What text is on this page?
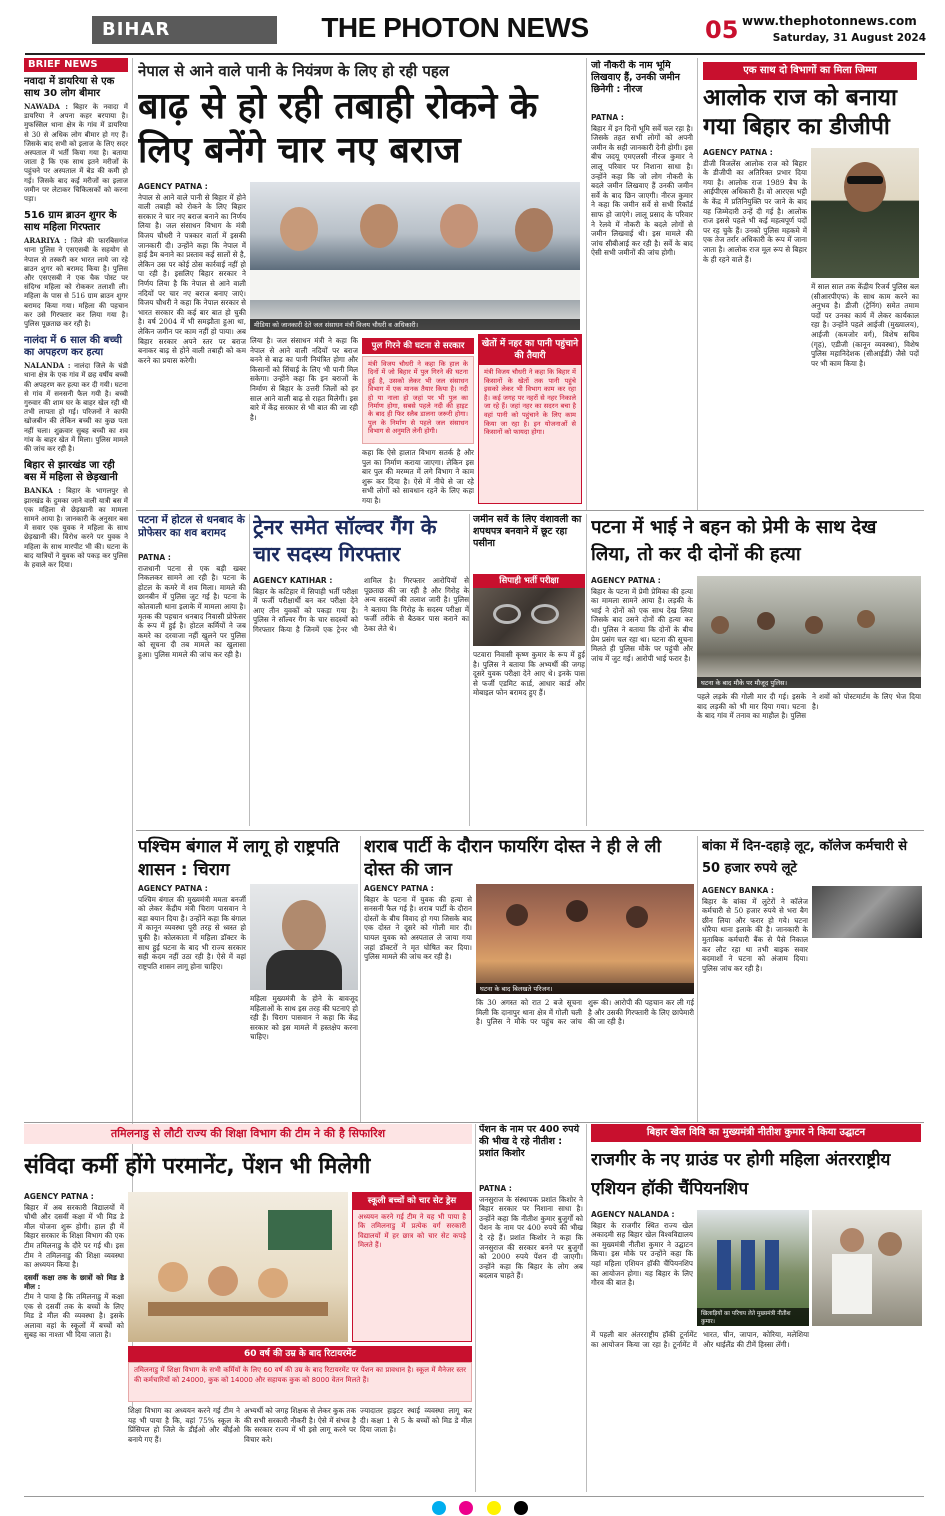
BIHAR	THE PHOTON NEWS	05 www.thephotonnews.com
Saturday, 31 August 2024
BRIEF NEWS
नवादा में डायरिया से एक साथ 30 लोग बीमार
NAWADA : बिहार के नवादा में डायरिया ने अपना कहर बरपाया है। मुफस्सिल थाना क्षेत्र के गांव में डायरिया से 30 से अधिक लोग बीमार हो गए हैं। जिसके बाद सभी को इलाज के लिए सदर अस्पताल में भर्ती किया गया है। बताया जाता है कि एक साथ इतने मरीजों के पहुंचने पर अस्पताल में बेड की कमी हो गई। जिसके बाद कई मरीजों का इलाज जमीन पर लेटाकर चिकित्सकों को करना पड़ा।
516 ग्राम ब्राउन शुगर के साथ महिला गिरफ्तार
ARARIYA : जिले की फारबिसगंज थाना पुलिस ने एसएसबी के सहयोग से नेपाल से तस्करी कर भारत लाये जा रहे ब्राउन शुगर को बरामद किया है। पुलिस और एसएसबी ने एक चैक पोस्ट पर संदिग्ध महिला को रोककर तलाशी ली। महिला के पास से 516 ग्राम ब्राउन शुगर बरामद किया गया। महिला की पहचान कर उसे गिरफ्तार कर लिया गया है। पुलिस पूछताछ कर रही है।
नालंदा में 6 साल की बच्ची का अपहरण कर हत्या
NALANDA : नालंदा जिले के चंडी थाना क्षेत्र के एक गांव में छह वर्षीय बच्ची की अपहरण कर हत्या कर दी गयी। घटना से गांव में सनसनी फैल गयी है। बच्ची गुरुवार की शाम घर के बाहर खेल रही थी तभी लापता हो गई। परिजनों ने काफी खोजबीन की लेकिन बच्ची का कुछ पता नहीं चला। शुक्रवार सुबह बच्ची का शव गांव के बाहर खेत में मिला। पुलिस मामले की जांच कर रही है।
बिहार से झारखंड जा रही बस में महिला से छेड़खानी
BANKA : बिहार के भागलपुर से झारखंड के दुमका जाने वाली यात्री बस में एक महिला से छेड़खानी का मामला सामने आया है। जानकारी के अनुसार बस में सवार एक युवक ने महिला के साथ छेड़खानी की। विरोध करने पर युवक ने महिला के साथ मारपीट भी की। घटना के बाद यात्रियों ने युवक को पकड़ कर पुलिस के हवाले कर दिया।
नेपाल से आने वाले पानी के नियंत्रण के लिए हो रही पहल
बाढ़ से हो रही तबाही रोकने के लिए बनेंगे चार नए बराज
AGENCY PATNA :
नेपाल से आने वाले पानी से बिहार में होने वाली तबाही को रोकने के लिए बिहार सरकार ने चार नए बराज बनाने का निर्णय लिया है। जल संसाधन विभाग के मंत्री विजय चौधरी ने पत्रकार वार्ता में इसकी जानकारी दी। उन्होंने कहा कि नेपाल में हाई डैम बनाने का प्रस्ताव कई सालों से है, लेकिन उस पर कोई ठोस कार्रवाई नहीं हो पा रही है। इसलिए बिहार सरकार ने निर्णय लिया है कि नेपाल से आने वाली नदियों पर चार नए बराज बनाए जाएं। विजय चौधरी ने कहा कि नेपाल सरकार से भारत सरकार की कई बार बात हो चुकी है। वर्ष 2004 में भी समझौता हुआ था, लेकिन जमीन पर काम नहीं हो पाया। अब बिहार सरकार अपने स्तर पर बराज बनाकर बाढ़ से होने वाली तबाही को कम करने का प्रयास करेगी।
मीडिया को जानकारी देते जल संसाधन मंत्री विजय चौधरी व अधिकारी।
लिया है। जल संसाधन मंत्री ने कहा कि नेपाल से आने वाली नदियों पर बराज बनने से बाढ़ का पानी नियंत्रित होगा और किसानों को सिंचाई के लिए भी पानी मिल सकेगा। उन्होंने कहा कि इन बराजों के निर्माण से बिहार के उत्तरी जिलों को हर साल आने वाली बाढ़ से राहत मिलेगी। इस बारे में केंद्र सरकार से भी बात की जा रही है।
पुल गिरने की घटना से सरकार
मंत्री विजय चौधरी ने कहा कि हाल के दिनों में जो बिहार में पुल गिरने की घटना हुई है, उसको लेकर भी जल संसाधन विभाग में एक मानक तैयार किया है। नदी हो या नाला हो जहां पर भी पुल का निर्माण होगा, सबसे पहले नदी की हाइट के बाद ही फिर स्लैब डालना जरूरी होगा। पुल के निर्माण से पहले जल संसाधन विभाग से अनुमति लेनी होगी।
कहा कि ऐसे हालात विभाग सतर्क है और पुल का निर्माण कराया जाएगा। लेकिन इस बार पुल की मरम्मत में लगे विभाग ने काम शुरू कर दिया है। ऐसे में नीचे से जा रहे सभी लोगों को सावधान रहने के लिए कहा गया है।
खेतों में नहर का पानी पहुंचाने की तैयारी
मंत्री विजय चौधरी ने कहा कि बिहार में किसानों के खेतों तक पानी पहुंचे इसको लेकर भी विभाग काम कर रहा है। कई जगह पर नहरों से नहर निकाले जा रहे हैं। जहां नहर का सदरन बचा है वहां पानी को पहुंचाने के लिए काम किया जा रहा है। इन योजनाओं से किसानों को फायदा होगा।
जो नौकरी के नाम भूमि लिखवाए हैं, उनकी जमीन छिनेगी : नीरज
PATNA :
बिहार में इन दिनों भूमि सर्वे चल रहा है। जिसके तहत सभी लोगों को अपनी जमीन के सही जानकारी देनी होगी। इस बीच जदयू एमएलसी नीरज कुमार ने लालू परिवार पर निशाना साधा है। उन्होंने कहा कि जो लोग नौकरी के बदले जमीन लिखवाए हैं उनकी जमीन सर्वे के बाद छिन जाएगी। नीरज कुमार ने कहा कि जमीन सर्वे से सभी रिकॉर्ड साफ हो जाएंगे। लालू प्रसाद के परिवार ने रेलवे में नौकरी के बदले लोगों से जमीन लिखवाई थी। इस मामले की जांच सीबीआई कर रही है। सर्वे के बाद ऐसी सभी जमीनों की जांच होगी।
एक साथ दो विभागों का मिला जिम्मा
आलोक राज को बनाया गया बिहार का डीजीपी
AGENCY PATNA :
डीजी विजलेंस आलोक राज को बिहार के डीजीपी का अतिरिक्त प्रभार दिया गया है। आलोक राज 1989 बैच के आईपीएस अधिकारी हैं। वो आरएस भट्टी के केंद्र में प्रतिनियुक्ति पर जाने के बाद यह जिम्मेदारी उन्हें दी गई है। आलोक राज इससे पहले भी कई महत्वपूर्ण पदों पर रह चुके हैं। उनको पुलिस महकमे में एक तेज तर्रार अधिकारी के रूप में जाना जाता है। आलोक राज मूल रूप से बिहार के ही रहने वाले हैं।
में साल साल तक केंद्रीय रिजर्व पुलिस बल (सीआरपीएफ) के साथ काम करने का अनुभव है। डीजी (ट्रेनिंग) समेत तमाम पदों पर उनका कार्य में लेकर कार्यकाल रहा है। उन्होंने पहले आईजी (मुख्यालय), आईजी (कमजोर वर्ग), विशेष सचिव (गृह), एडीजी (कानून व्यवस्था), विशेष पुलिस महानिदेशक (सीआईडी) जैसे पदों पर भी काम किया है।
पटना में होटल से धनबाद के प्रोफेसर का शव बरामद
PATNA :
राजधानी पटना से एक बड़ी खबर निकलकर सामने आ रही है। पटना के होटल के कमरे में शव मिला। मामले की छानबीन में पुलिस जुट गई है। पटना के कोतवाली थाना इलाके में मामला आया है। मृतक की पहचान धनबाद निवासी प्रोफेसर के रूप में हुई है। होटल कर्मियों ने जब कमरे का दरवाजा नहीं खुलने पर पुलिस को सूचना दी तब मामले का खुलासा हुआ। पुलिस मामले की जांच कर रही है।
ट्रेनर समेत सॉल्वर गैंग के चार सदस्य गिरफ्तार
AGENCY KATIHAR :
बिहार के कटिहार में सिपाही भर्ती परीक्षा में फर्जी परीक्षार्थी बन कर परीक्षा देने आए तीन युवकों को पकड़ा गया है। पुलिस ने सॉल्वर गैंग के चार सदस्यों को गिरफ्तार किया है जिनमें एक ट्रेनर भी शामिल है। गिरफ्तार आरोपियों से पूछताछ की जा रही है और गिरोह के अन्य सदस्यों की तलाश जारी है। पुलिस ने बताया कि गिरोह के सदस्य परीक्षा में फर्जी तरीके से बैठकर पास कराने का ठेका लेते थे।
सिपाही भर्ती परीक्षा
पटवारा निवासी कृष्ण कुमार के रूप में हुई है। पुलिस ने बताया कि अभ्यर्थी की जगह दूसरे युवक परीक्षा देने आए थे। इनके पास से फर्जी एडमिट कार्ड, आधार कार्ड और मोबाइल फोन बरामद हुए हैं।
जमीन सर्वे के लिए वंशावली का शपथपत्र बनवाने में छूट रहा पसीना
पटना में भाई ने बहन को प्रेमी के साथ देख लिया, तो कर दी दोनों की हत्या
AGENCY PATNA :
बिहार के पटना में प्रेमी प्रेमिका की हत्या का मामला सामने आया है। लड़की के भाई ने दोनों को एक साथ देख लिया जिसके बाद उसने दोनों की हत्या कर दी। पुलिस ने बताया कि दोनों के बीच प्रेम प्रसंग चल रहा था। घटना की सूचना मिलते ही पुलिस मौके पर पहुंची और जांच में जुट गई। आरोपी भाई फरार है।
घटना के बाद मौके पर मौजूद पुलिस।
पहले लड़के की गोली मार दी गई। इसके बाद लड़की को भी मार दिया गया। घटना के बाद गांव में तनाव का माहौल है। पुलिस ने शवों को पोस्टमार्टम के लिए भेज दिया है।
पश्चिम बंगाल में लागू हो राष्ट्रपति शासन : चिराग
AGENCY PATNA :
पश्चिम बंगाल की मुख्यमंत्री ममता बनर्जी को लेकर केंद्रीय मंत्री चिराग पासवान ने बड़ा बयान दिया है। उन्होंने कहा कि बंगाल में कानून व्यवस्था पूरी तरह से ध्वस्त हो चुकी है। कोलकाता में महिला डॉक्टर के साथ हुई घटना के बाद भी राज्य सरकार सही कदम नहीं उठा रही है। ऐसे में वहां राष्ट्रपति शासन लागू होना चाहिए।
महिला मुख्यमंत्री के होने के बावजूद महिलाओं के साथ इस तरह की घटनाएं हो रही हैं। चिराग पासवान ने कहा कि केंद्र सरकार को इस मामले में हस्तक्षेप करना चाहिए।
शराब पार्टी के दौरान फायरिंग दोस्त ने ही ले ली दोस्त की जान
AGENCY PATNA :
बिहार के पटना में युवक की हत्या से सनसनी फैल गई है। शराब पार्टी के दौरान दोस्तों के बीच विवाद हो गया जिसके बाद एक दोस्त ने दूसरे को गोली मार दी। घायल युवक को अस्पताल ले जाया गया जहां डॉक्टरों ने मृत घोषित कर दिया। पुलिस मामले की जांच कर रही है।
घटना के बाद बिलखते परिजन।
कि 30 अगस्त को रात 2 बजे सूचना मिली कि दानापुर थाना क्षेत्र में गोली चली है। पुलिस ने मौके पर पहुंच कर जांच शुरू की। आरोपी की पहचान कर ली गई है और उसकी गिरफ्तारी के लिए छापेमारी की जा रही है।
बांका में दिन-दहाड़े लूट, कॉलेज कर्मचारी से 50 हजार रुपये लूटे
AGENCY BANKA :
बिहार के बांका में लुटेरों ने कॉलेज कर्मचारी से 50 हजार रुपये से भरा बैग छीन लिया और फरार हो गये। घटना धोरैया थाना इलाके की है। जानकारी के मुताबिक कर्मचारी बैंक से पैसे निकाल कर लौट रहा था तभी बाइक सवार बदमाशों ने घटना को अंजाम दिया। पुलिस जांच कर रही है।
तमिलनाडु से लौटी राज्य की शिक्षा विभाग की टीम ने की है सिफारिश
संविदा कर्मी होंगे परमानेंट, पेंशन भी मिलेगी
AGENCY PATNA :
बिहार में अब सरकारी विद्यालयों में चौथी और दसवीं कक्षा में भी मिड डे मील योजना शुरू होगी। हाल ही में बिहार सरकार के शिक्षा विभाग की एक टीम तमिलनाडु के दौरे पर गई थी। इस टीम ने तमिलनाडु की शिक्षा व्यवस्था का अध्ययन किया है।
दसवीं कक्षा तक के छात्रों को मिड डे मील :
टीम ने पाया है कि तमिलनाडु में कक्षा एक से दसवीं तक के बच्चों के लिए मिड डे मील की व्यवस्था है। इसके अलावा वहां के स्कूलों में बच्चों को सुबह का नाश्ता भी दिया जाता है।
स्कूली बच्चों को चार सेट ड्रेस
अध्ययन करने गई टीम ने यह भी पाया है कि तमिलनाडु में प्रत्येक वर्ग सरकारी विद्यालयों में हर छात्र को चार सेट कपड़े मिलते हैं।
60 वर्ष की उम्र के बाद रिटायरमेंट
तमिलनाडु में शिक्षा विभाग के सभी कर्मियों के लिए 60 वर्ष की उम्र के बाद रिटायरमेंट पर पेंशन का प्रावधान है। स्कूल में मैनेजर स्तर की कर्मचारियों को 24000, कुक को 14000 और सहायक कुक को 8000 वेतन मिलते हैं।
शिक्षा विभाग का अध्ययन करने गई टीम ने यह भी पाया है कि, वहां 75% स्कूल के प्रिंसिपल हो जिले के डीईओ और बीईओ बनाये गए हैं।
अभ्यर्थी को जगह शिक्षक से लेकर कुक तक की सभी सरकारी नौकरी है। ऐसे में संभव है कि सरकार राज्य में भी इसे लागू करने पर विचार करे।
ज्यादातर हाइटर स्थाई व्यवस्था लागू कर दी। कक्षा 1 से 5 के बच्चों को मिड डे मील दिया जाता है।
पेंशन के नाम पर 400 रुपये की भीख दे रहे नीतीश : प्रशांत किशोर
PATNA :
जनसुराज के संस्थापक प्रशांत किशोर ने बिहार सरकार पर निशाना साधा है। उन्होंने कहा कि नीतीश कुमार बुजुर्गों को पेंशन के नाम पर 400 रुपये की भीख दे रहे हैं। प्रशांत किशोर ने कहा कि जनसुराज की सरकार बनने पर बुजुर्गों को 2000 रुपये पेंशन दी जाएगी। उन्होंने कहा कि बिहार के लोग अब बदलाव चाहते हैं।
बिहार खेल विवि का मुख्यमंत्री नीतीश कुमार ने किया उद्घाटन
राजगीर के नए ग्राउंड पर होगी महिला अंतरराष्ट्रीय एशियन हॉकी चैंपियनशिप
AGENCY NALANDA :
बिहार के राजगीर स्थित राज्य खेल अकादमी सह बिहार खेल विश्वविद्यालय का मुख्यमंत्री नीतीश कुमार ने उद्घाटन किया। इस मौके पर उन्होंने कहा कि यहां महिला एशियन हॉकी चैंपियनशिप का आयोजन होगा। यह बिहार के लिए गौरव की बात है।
खिलाड़ियों का परिचय लेते मुख्यमंत्री नीतीश कुमार।
में पहली बार अंतरराष्ट्रीय हॉकी टूर्नामेंट का आयोजन किया जा रहा है। टूर्नामेंट में भारत, चीन, जापान, कोरिया, मलेशिया और थाईलैंड की टीमें हिस्सा लेंगी।
